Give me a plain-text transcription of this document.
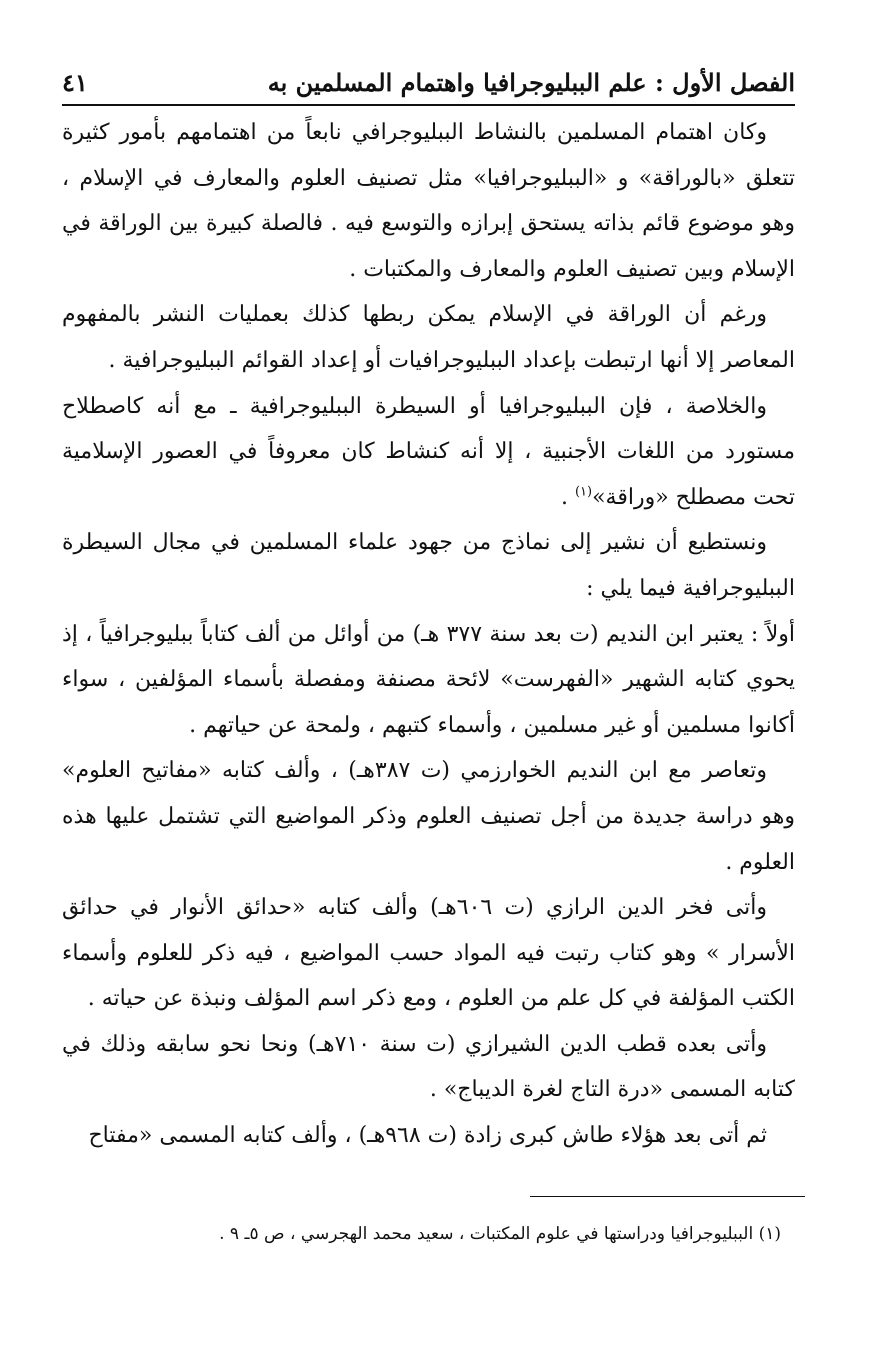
الفصل الأول : علم الببليوجرافيا واهتمام المسلمين به
٤١

وكان اهتمام المسلمين بالنشاط الببليوجرافي نابعاً من اهتمامهم بأمور كثيرة تتعلق «بالوراقة» و «الببليوجرافيا» مثل تصنيف العلوم والمعارف في الإسلام ، وهو موضوع قائم بذاته يستحق إبرازه والتوسع فيه . فالصلة كبيرة بين الوراقة في الإسلام وبين تصنيف العلوم والمعارف والمكتبات .

ورغم أن الوراقة في الإسلام يمكن ربطها كذلك بعمليات النشر بالمفهوم المعاصر إلا أنها ارتبطت بإعداد الببليوجرافيات أو إعداد القوائم الببليوجرافية .

والخلاصة ، فإن الببليوجرافيا أو السيطرة الببليوجرافية ـ مع أنه كاصطلاح مستورد من اللغات الأجنبية ، إلا أنه كنشاط كان معروفاً في العصور الإسلامية تحت مصطلح «وراقة»$^{(١)}$ .

ونستطيع أن نشير إلى نماذج من جهود علماء المسلمين في مجال السيطرة الببليوجرافية فيما يلي :

أولاً : يعتبر ابن النديم (ت بعد سنة ٣٧٧ هـ) من أوائل من ألف كتاباً ببليوجرافياً ، إذ يحوي كتابه الشهير «الفهرست» لائحة مصنفة ومفصلة بأسماء المؤلفين ، سواء أكانوا مسلمين أو غير مسلمين ، وأسماء كتبهم ، ولمحة عن حياتهم .

وتعاصر مع ابن النديم الخوارزمي (ت ٣٨٧هـ) ، وألف كتابه «مفاتيح العلوم» وهو دراسة جديدة من أجل تصنيف العلوم وذكر المواضيع التي تشتمل عليها هذه العلوم .

وأتى فخر الدين الرازي (ت ٦٠٦هـ) وألف كتابه «حدائق الأنوار في حدائق الأسرار » وهو كتاب رتبت فيه المواد حسب المواضيع ، فيه ذكر للعلوم وأسماء الكتب المؤلفة في كل علم من العلوم ، ومع ذكر اسم المؤلف ونبذة عن حياته .

وأتى بعده قطب الدين الشيرازي (ت سنة ٧١٠هـ) ونحا نحو سابقه وذلك في كتابه المسمى «درة التاج لغرة الديباج» .

ثم أتى بعد هؤلاء طاش كبرى زادة (ت ٩٦٨هـ) ، وألف كتابه المسمى «مفتاح

(١) الببليوجرافيا ودراستها في علوم المكتبات ، سعيد محمد الهجرسي ، ص ٥ـ ٩ .
